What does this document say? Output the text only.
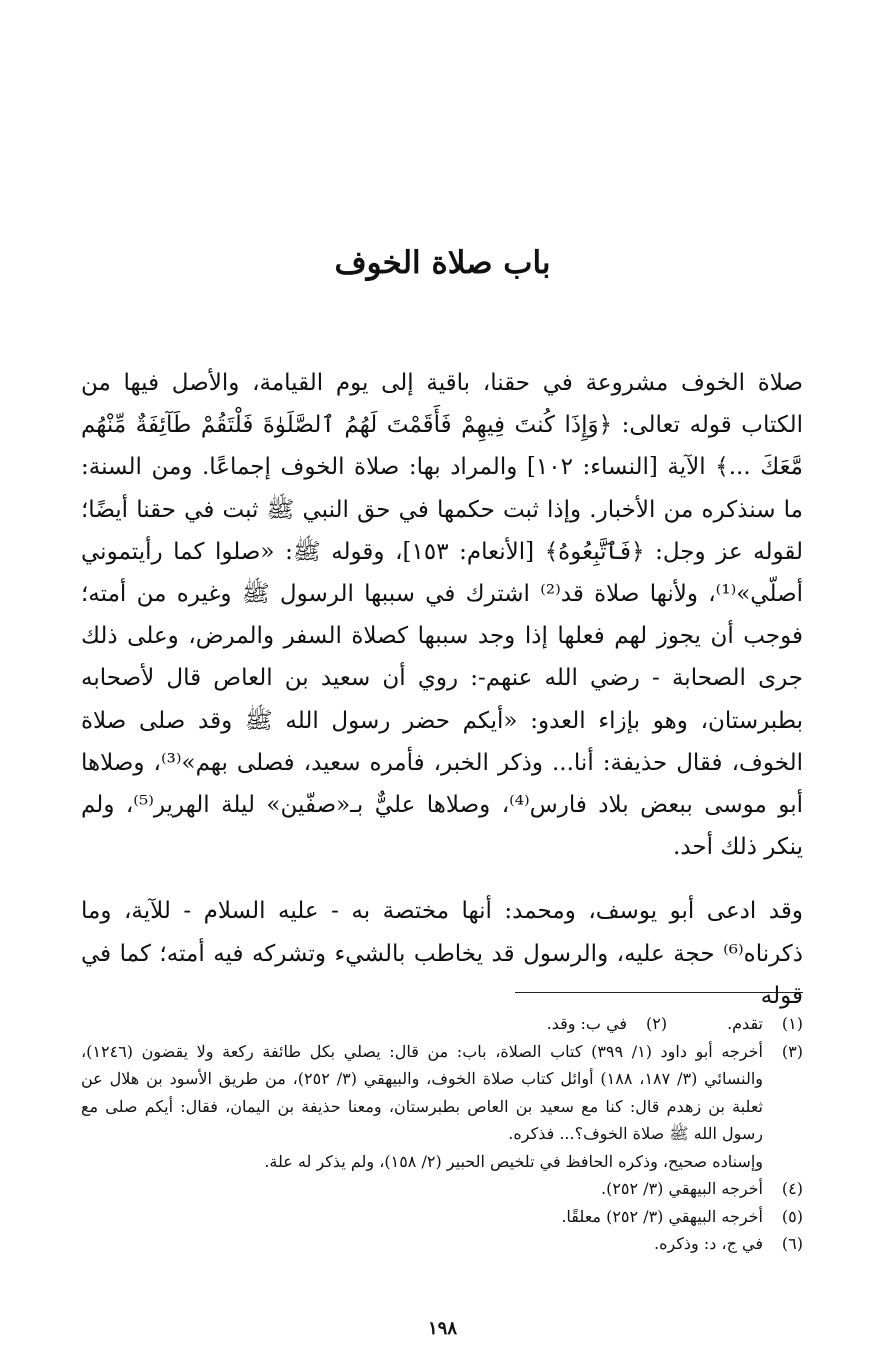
باب صلاة الخوف

صلاة الخوف مشروعة في حقنا، باقية إلى يوم القيامة، والأصل فيها من الكتاب قوله تعالى: ﴿وَإِذَا كُنتَ فِيهِمْ فَأَقَمْتَ لَهُمُ ٱلصَّلَوٰةَ فَلْتَقُمْ طَآئِفَةٌ مِّنْهُم مَّعَكَ ...﴾ الآية [النساء: ١٠٢] والمراد بها: صلاة الخوف إجماعًا. ومن السنة: ما سنذكره من الأخبار. وإذا ثبت حكمها في حق النبي ﷺ ثبت في حقنا أيضًا؛ لقوله عز وجل: ﴿فَٱتَّبِعُوهُ﴾ [الأنعام: ١٥٣]، وقوله ﷺ: «صلوا كما رأيتموني أصلّي»⁽¹⁾، ولأنها صلاة قد⁽²⁾ اشترك في سببها الرسول ﷺ وغيره من أمته؛ فوجب أن يجوز لهم فعلها إذا وجد سببها كصلاة السفر والمرض، وعلى ذلك جرى الصحابة - رضي الله عنهم-: روي أن سعيد بن العاص قال لأصحابه بطبرستان، وهو بإزاء العدو: «أيكم حضر رسول الله ﷺ وقد صلى صلاة الخوف، فقال حذيفة: أنا... وذكر الخبر، فأمره سعيد، فصلى بهم»⁽³⁾، وصلاها أبو موسى ببعض بلاد فارس⁽⁴⁾، وصلاها عليٌّ بـ«صفّين» ليلة الهرير⁽⁵⁾، ولم ينكر ذلك أحد.

وقد ادعى أبو يوسف، ومحمد: أنها مختصة به - عليه السلام - للآية، وما ذكرناه⁽⁶⁾ حجة عليه، والرسول قد يخاطب بالشيء وتشركه فيه أمته؛ كما في قوله

(١)
تقدم.
(٢)
في ب: وقد.
(٣)
أخرجه أبو داود (١/ ٣٩٩) كتاب الصلاة، باب: من قال: يصلي بكل طائفة ركعة ولا يقضون (١٢٤٦)، والنسائي (٣/ ١٨٧، ١٨٨) أوائل كتاب صلاة الخوف، والبيهقي (٣/ ٢٥٢)، من طريق الأسود بن هلال عن ثعلبة بن زهدم قال: كنا مع سعيد بن العاص بطبرستان، ومعنا حذيفة بن اليمان، فقال: أيكم صلى مع رسول الله ﷺ صلاة الخوف؟... فذكره.
وإسناده صحيح، وذكره الحافظ في تلخيص الحبير (٢/ ١٥٨)، ولم يذكر له علة.
(٤)
أخرجه البيهقي (٣/ ٢٥٢).
(٥)
أخرجه البيهقي (٣/ ٢٥٢) معلقًا.
(٦)
في ج، د: وذكره.
١٩٨
